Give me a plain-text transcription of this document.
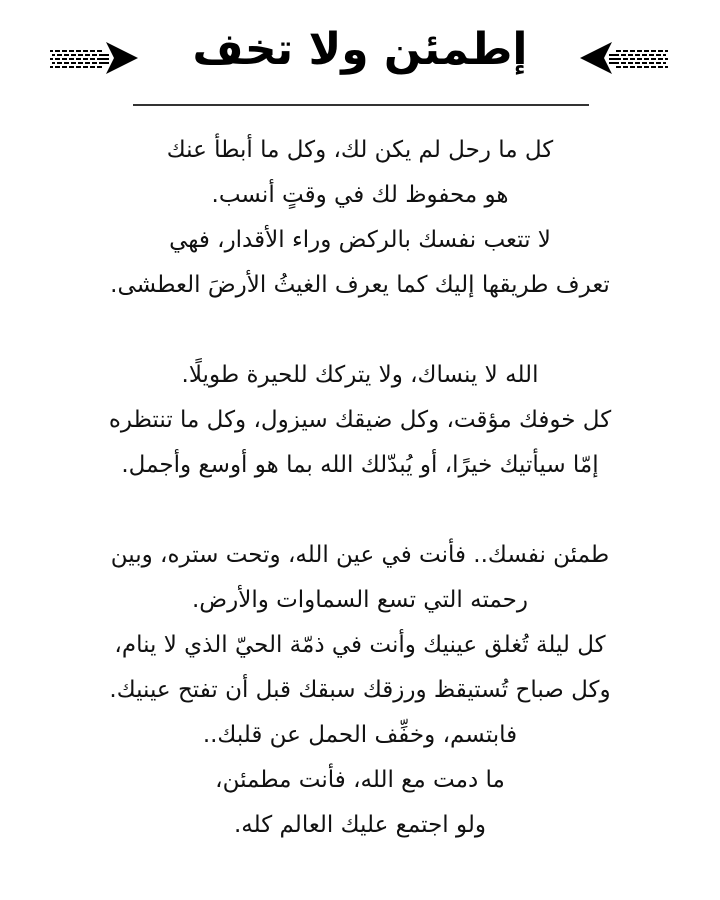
إطمئن ولا تخف
كل ما رحل لم يكن لك، وكل ما أبطأ عنك
هو محفوظ لك في وقتٍ أنسب.
لا تتعب نفسك بالركض وراء الأقدار، فهي
تعرف طريقها إليك كما يعرف الغيثُ الأرضَ العطشى.
الله لا ينساك، ولا يتركك للحيرة طويلًا.
كل خوفك مؤقت، وكل ضيقك سيزول، وكل ما تنتظره
إمّا سيأتيك خيرًا، أو يُبدّلك الله بما هو أوسع وأجمل.
طمئن نفسك.. فأنت في عين الله، وتحت ستره، وبين
رحمته التي تسع السماوات والأرض.
كل ليلة تُغلق عينيك وأنت في ذمّة الحيّ الذي لا ينام،
وكل صباح تُستيقظ ورزقك سبقك قبل أن تفتح عينيك.
فابتسم، وخفِّف الحمل عن قلبك..
ما دمت مع الله، فأنت مطمئن،
ولو اجتمع عليك العالم كله.
